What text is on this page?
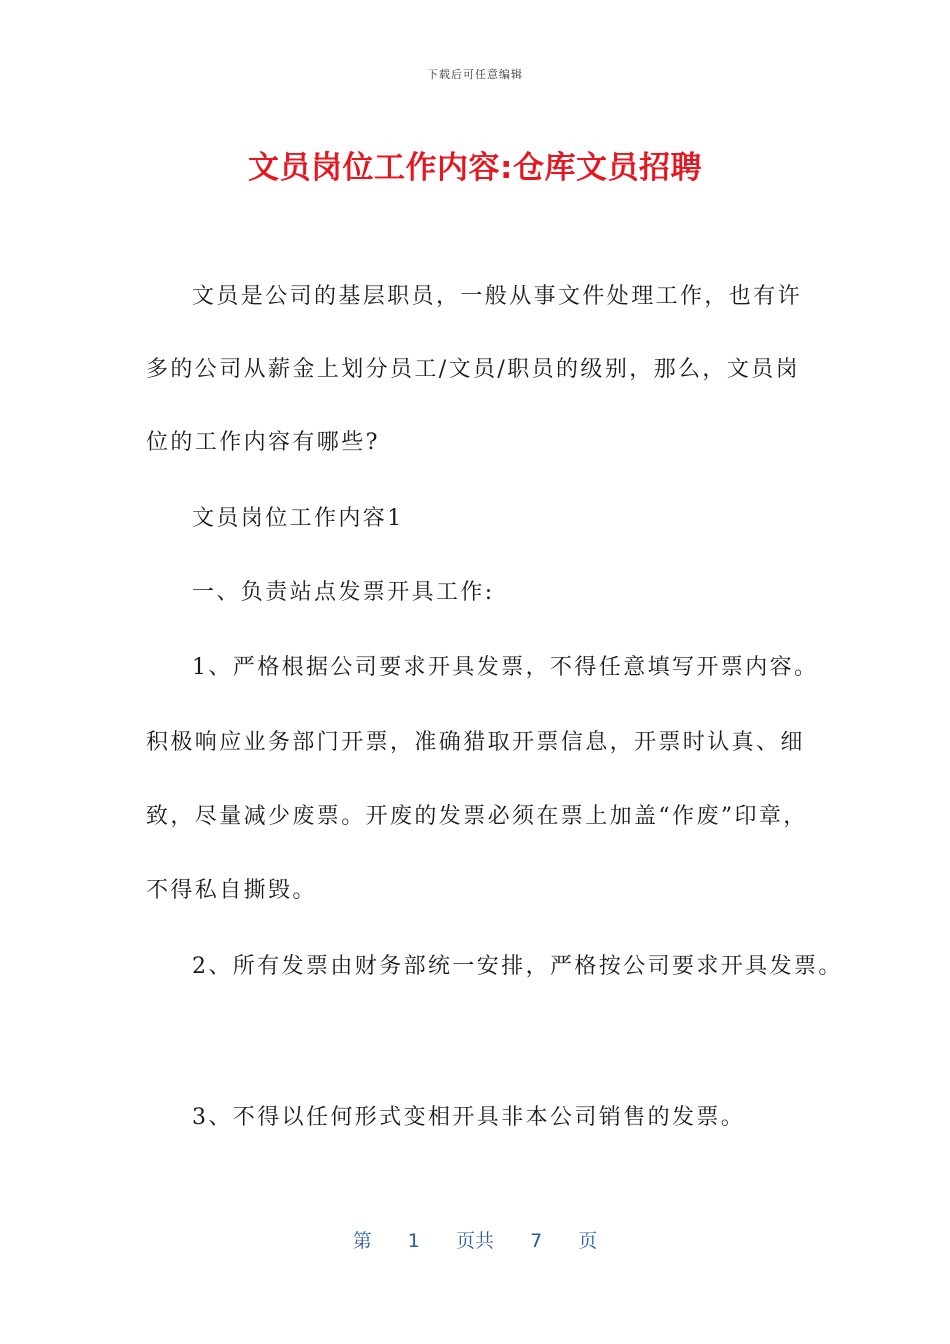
下载后可任意编辑
文员岗位工作内容:仓库文员招聘
文员是公司的基层职员，一般从事文件处理工作，也有许
多的公司从薪金上划分员工/文员/职员的级别，那么，文员岗
位的工作内容有哪些?
文员岗位工作内容1
一、负责站点发票开具工作:
1、严格根据公司要求开具发票，不得任意填写开票内容。
积极响应业务部门开票，准确猎取开票信息，开票时认真、细
致，尽量减少废票。开废的发票必须在票上加盖“作废”印章，
不得私自撕毁。
2、所有发票由财务部统一安排，严格按公司要求开具发票。
3、不得以任何形式变相开具非本公司销售的发票。
第 1 页共 7 页
